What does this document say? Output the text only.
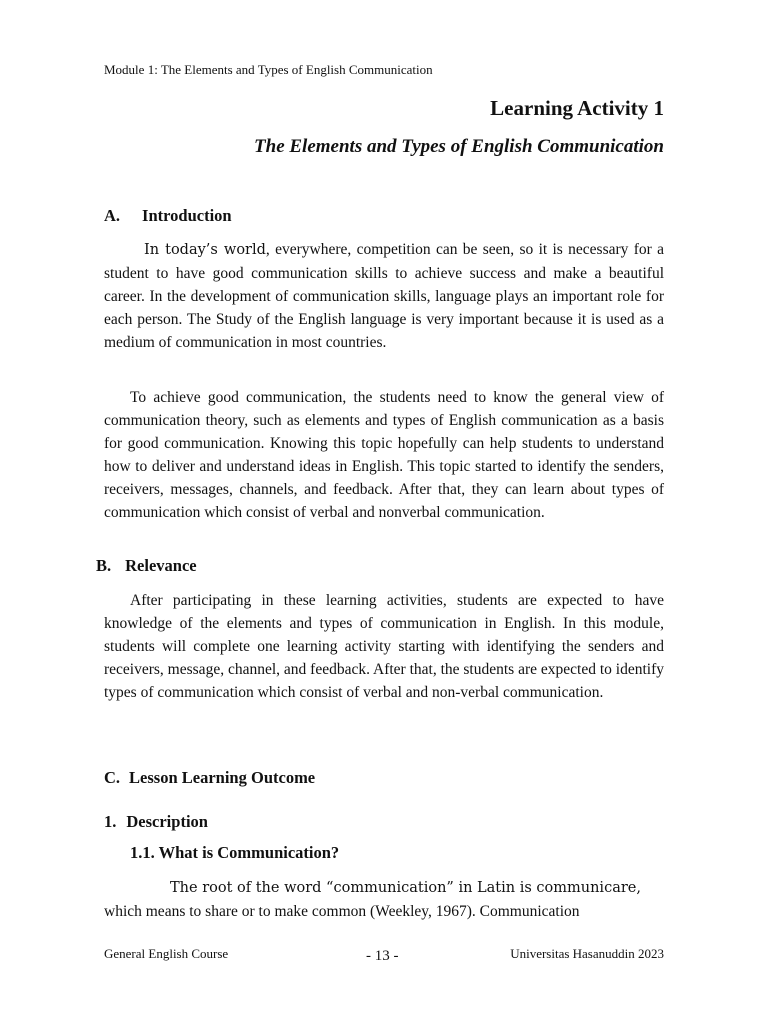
Module 1: The Elements and Types of English Communication
Learning Activity 1
The Elements and Types of English Communication
A. Introduction
In today’s world, everywhere, competition can be seen, so it is necessary for a student to have good communication skills to achieve success and make a beautiful career. In the development of communication skills, language plays an important role for each person. The Study of the English language is very important because it is used as a medium of communication in most countries.
To achieve good communication, the students need to know the general view of communication theory, such as elements and types of English communication as a basis for good communication. Knowing this topic hopefully can help students to understand how to deliver and understand ideas in English. This topic started to identify the senders, receivers, messages, channels, and feedback. After that, they can learn about types of communication which consist of verbal and nonverbal communication.
B. Relevance
After participating in these learning activities, students are expected to have knowledge of the elements and types of communication in English. In this module, students will complete one learning activity starting with identifying the senders and receivers, message, channel, and feedback. After that, the students are expected to identify types of communication which consist of verbal and non-verbal communication.
C. Lesson Learning Outcome
1. Description
1.1. What is Communication?
The root of the word “communication” in Latin is communicare,
which means to share or to make common (Weekley, 1967). Communication
General English Course	- 13 -	Universitas Hasanuddin 2023
